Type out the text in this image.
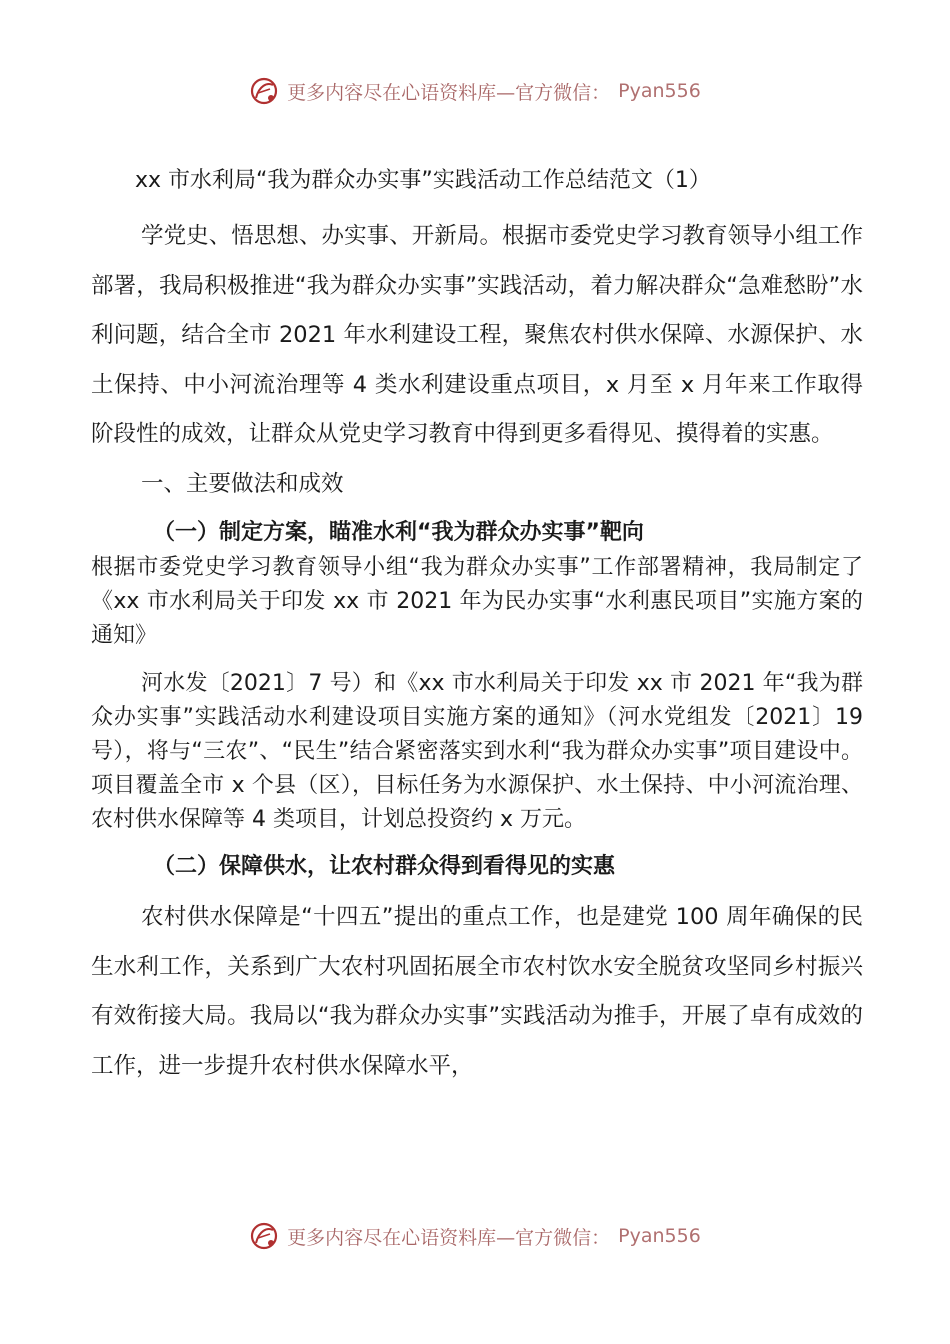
更多内容尽在心语资料库—官方微信： Pyan556
xx 市水利局“我为群众办实事”实践活动工作总结范文（1）

学党史、悟思想、办实事、开新局。根据市委党史学习教育领导小组工作部署，我局积极推进“我为群众办实事”实践活动，着力解决群众“急难愁盼”水利问题，结合全市 2021 年水利建设工程，聚焦农村供水保障、水源保护、水土保持、中小河流治理等 4 类水利建设重点项目，x 月至 x 月年来工作取得阶段性的成效，让群众从党史学习教育中得到更多看得见、摸得着的实惠。

一、主要做法和成效

（一）制定方案，瞄准水利“我为群众办实事”靶向

根据市委党史学习教育领导小组“我为群众办实事”工作部署精神，我局制定了《xx 市水利局关于印发 xx 市 2021 年为民办实事“水利惠民项目”实施方案的通知》

河水发〔2021〕7 号）和《xx 市水利局关于印发 xx 市 2021 年“我为群众办实事”实践活动水利建设项目实施方案的通知》（河水党组发〔2021〕19 号），将与“三农”、“民生”结合紧密落实到水利“我为群众办实事”项目建设中。项目覆盖全市 x 个县（区），目标任务为水源保护、水土保持、中小河流治理、农村供水保障等 4 类项目，计划总投资约 x 万元。

（二）保障供水，让农村群众得到看得见的实惠

农村供水保障是“十四五”提出的重点工作，也是建党 100 周年确保的民生水利工作，关系到广大农村巩固拓展全市农村饮水安全脱贫攻坚同乡村振兴有效衔接大局。我局以“我为群众办实事”实践活动为推手，开展了卓有成效的工作，进一步提升农村供水保障水平，

更多内容尽在心语资料库—官方微信： Pyan556
